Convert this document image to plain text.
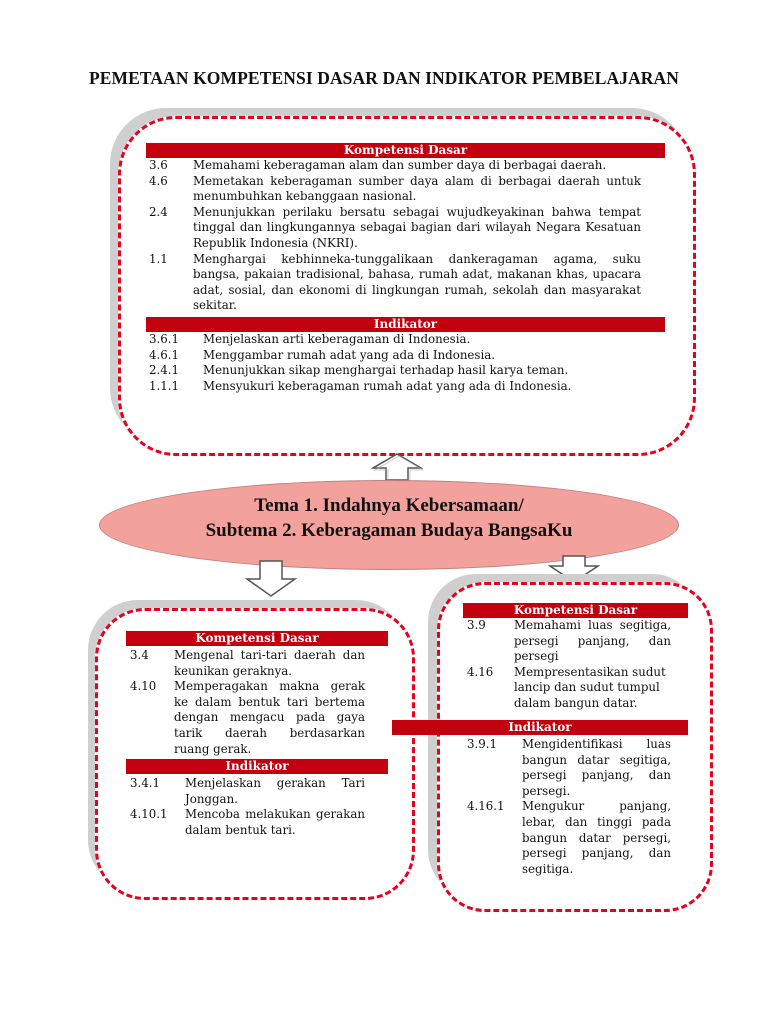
PEMETAAN KOMPETENSI DASAR DAN INDIKATOR PEMBELAJARAN
Kompetensi Dasar
3.6	Memahami keberagaman alam dan sumber daya di berbagai daerah.
4.6	Memetakan keberagaman sumber daya alam di berbagai daerah untuk menumbuhkan kebanggaan nasional.
2.4	Menunjukkan perilaku bersatu sebagai wujudkeyakinan bahwa tempat tinggal dan lingkungannya sebagai bagian dari wilayah Negara Kesatuan Republik Indonesia (NKRI).
1.1	Menghargai kebhinneka-tunggalikaan dankeragaman agama, suku bangsa, pakaian tradisional, bahasa, rumah adat, makanan khas, upacara adat, sosial, dan ekonomi di lingkungan rumah, sekolah dan masyarakat sekitar.
Indikator
3.6.1	Menjelaskan arti keberagaman di Indonesia.
4.6.1	Menggambar rumah adat yang ada di Indonesia.
2.4.1	Menunjukkan sikap menghargai terhadap hasil karya teman.
1.1.1	Mensyukuri keberagaman rumah adat yang ada di Indonesia.
Tema 1. Indahnya Kebersamaan/
Subtema 2. Keberagaman Budaya BangsaKu
Kompetensi Dasar
3.4	Mengenal tari-tari daerah dan keunikan geraknya.
4.10	Memperagakan makna gerak ke dalam bentuk tari bertema dengan mengacu pada gaya tarik daerah berdasarkan ruang gerak.
Indikator
3.4.1	Menjelaskan gerakan Tari Jonggan.
4.10.1	Mencoba melakukan gerakan dalam bentuk tari.
Kompetensi Dasar
3.9	Memahami luas segitiga, persegi panjang, dan persegi
4.16	Mempresentasikan sudut lancip dan sudut tumpul dalam bangun datar.
Indikator
3.9.1	Mengidentifikasi luas bangun datar segitiga, persegi panjang, dan persegi.
4.16.1	Mengukur panjang, lebar, dan tinggi pada bangun datar persegi, persegi panjang, dan segitiga.
